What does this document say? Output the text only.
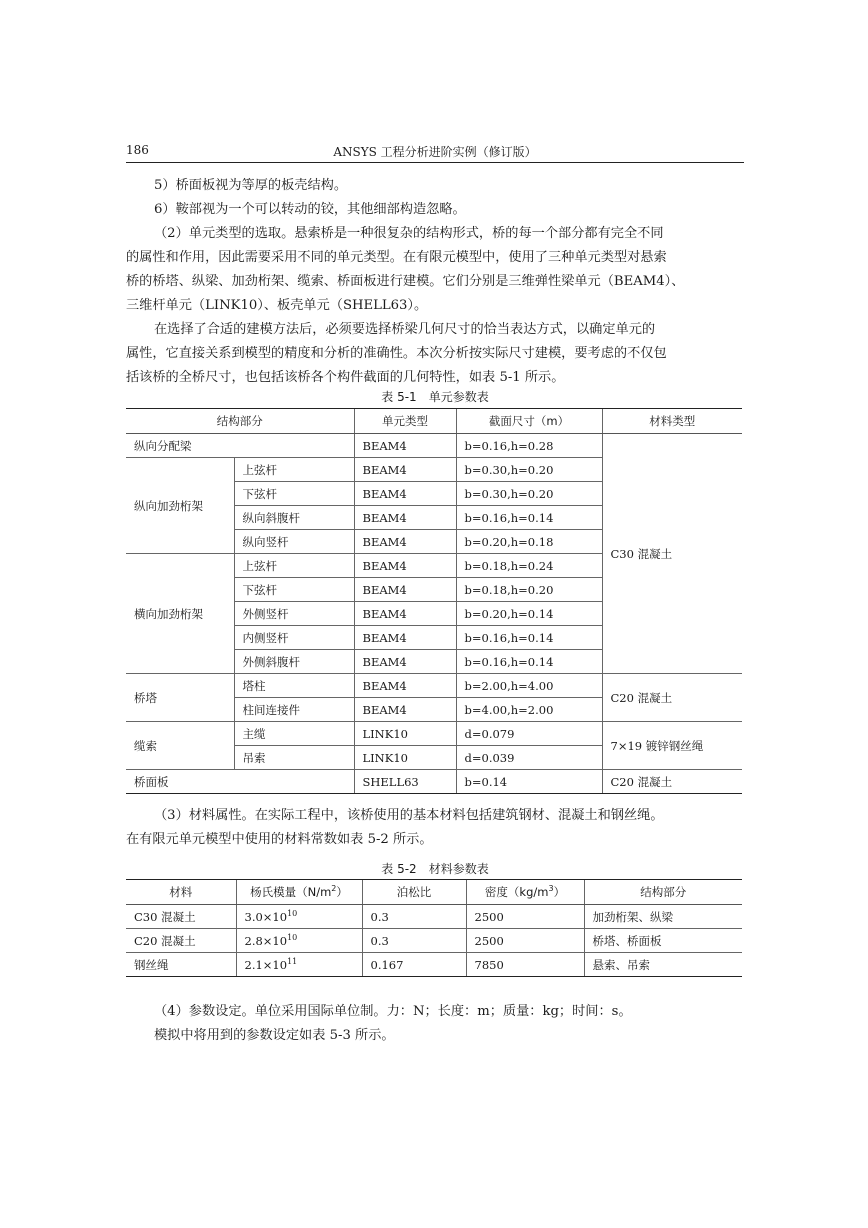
186	ANSYS 工程分析进阶实例（修订版）

5）桥面板视为等厚的板壳结构。

6）鞍部视为一个可以转动的铰，其他细部构造忽略。

（2）单元类型的选取。悬索桥是一种很复杂的结构形式，桥的每一个部分都有完全不同
的属性和作用，因此需要采用不同的单元类型。在有限元模型中，使用了三种单元类型对悬索
桥的桥塔、纵梁、加劲桁架、缆索、桥面板进行建模。它们分别是三维弹性梁单元（BEAM4）、
三维杆单元（LINK10）、板壳单元（SHELL63）。

在选择了合适的建模方法后，必须要选择桥梁几何尺寸的恰当表达方式，以确定单元的
属性，它直接关系到模型的精度和分析的准确性。本次分析按实际尺寸建模，要考虑的不仅包
括该桥的全桥尺寸，也包括该桥各个构件截面的几何特性，如表 5-1 所示。

表 5-1　单元参数表
结构部分		单元类型	截面尺寸（m）	材料类型
纵向分配梁		BEAM4	b=0.16,h=0.28	C30 混凝土
纵向加劲桁架	上弦杆	BEAM4	b=0.30,h=0.20	
	下弦杆	BEAM4	b=0.30,h=0.20	
	纵向斜腹杆	BEAM4	b=0.16,h=0.14	
	纵向竖杆	BEAM4	b=0.20,h=0.18	
横向加劲桁架	上弦杆	BEAM4	b=0.18,h=0.24	
	下弦杆	BEAM4	b=0.18,h=0.20	
	外侧竖杆	BEAM4	b=0.20,h=0.14	
	内侧竖杆	BEAM4	b=0.16,h=0.14	
	外侧斜腹杆	BEAM4	b=0.16,h=0.14	
桥塔	塔柱	BEAM4	b=2.00,h=4.00	C20 混凝土
	柱间连接件	BEAM4	b=4.00,h=2.00	
缆索	主缆	LINK10	d=0.079	7×19 镀锌钢丝绳
	吊索	LINK10	d=0.039	
桥面板		SHELL63	b=0.14	C20 混凝土

（3）材料属性。在实际工程中，该桥使用的基本材料包括建筑钢材、混凝土和钢丝绳。
在有限元单元模型中使用的材料常数如表 5-2 所示。

表 5-2　材料参数表
材料	杨氏模量$(N/m^2)$	泊松比	密度$(kg/m^3)$	结构部分
C30 混凝土	$3.0\times 10^{10}$	0.3	2500	加劲桁架、纵梁
C20 混凝土	$2.8\times 10^{10}$	0.3	2500	桥塔、桥面板
钢丝绳	$2.1\times 10^{11}$	0.167	7850	悬索、吊索

（4）参数设定。单位采用国际单位制。力：N；长度：m；质量：kg；时间：s。
模拟中将用到的参数设定如表 5-3 所示。
